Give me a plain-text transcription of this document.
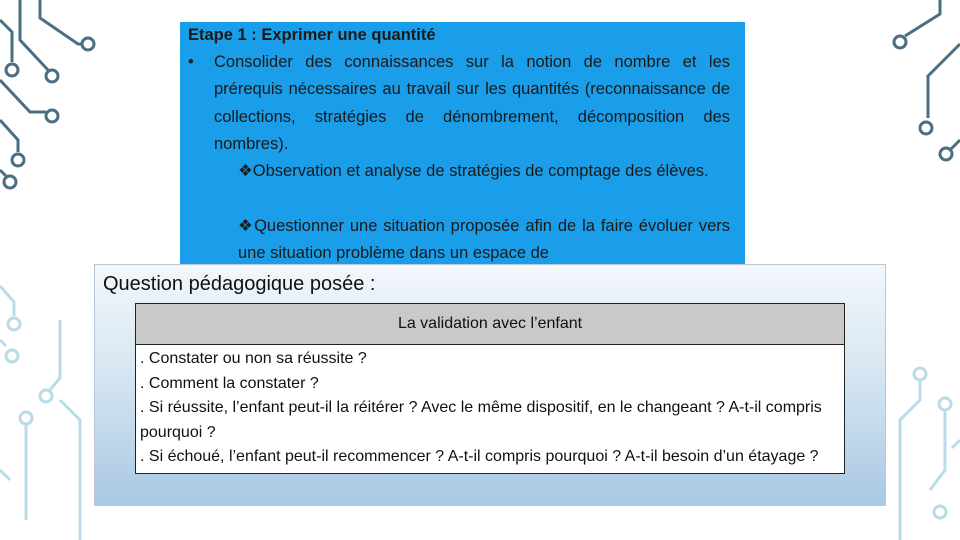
Etape 1 : Exprimer une quantité
•	Consolider des connaissances sur la notion de nombre et les prérequis nécessaires au travail sur les quantités (reconnaissance de collections, stratégies de dénombrement, décomposition des nombres).
❖Observation et analyse de stratégies de comptage des élèves.
❖Questionner une situation proposée afin de la faire évoluer vers une situation problème dans un espace de
Question pédagogique posée :
La validation avec l’enfant
. Constater ou non sa réussite ?
. Comment la constater ?
. Si réussite, l’enfant peut-il la réitérer ? Avec le même dispositif, en le changeant ? A-t-il compris pourquoi ?
. Si échoué, l’enfant peut-il recommencer ? A-t-il compris pourquoi ? A-t-il besoin d’un étayage ?
